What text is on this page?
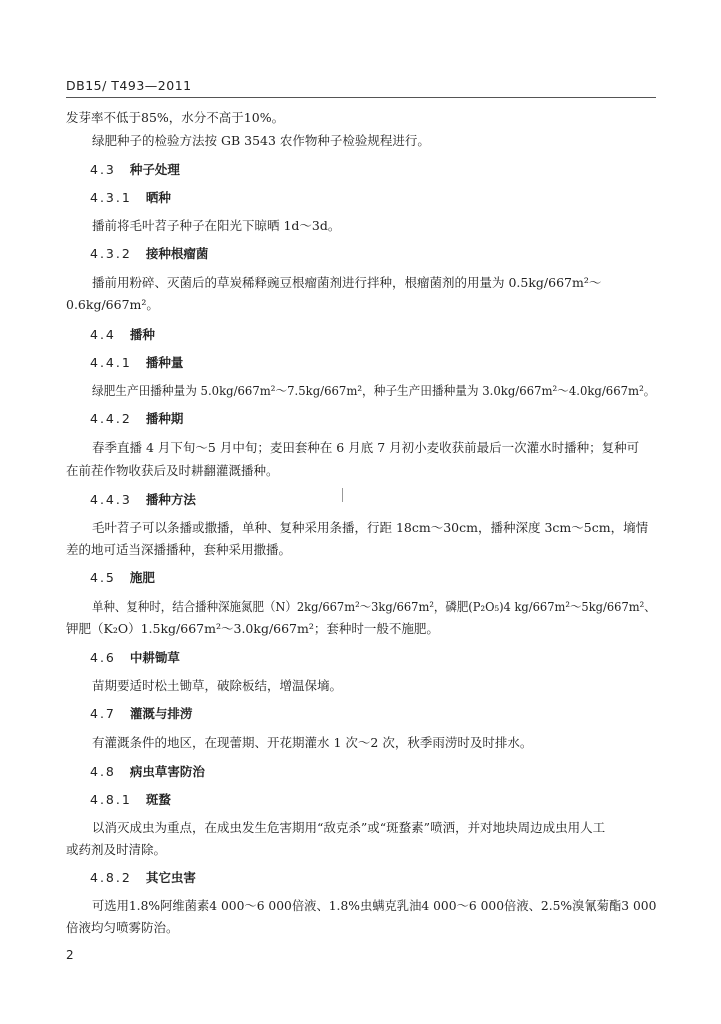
DB15/ T493—2011
发芽率不低于85%，水分不高于10%。
绿肥种子的检验方法按 GB 3543 农作物种子检验规程进行。
4.3 种子处理
4.3.1 晒种
播前将毛叶苕子种子在阳光下晾晒 1d～3d。
4.3.2 接种根瘤菌
播前用粉碎、灭菌后的草炭稀释豌豆根瘤菌剂进行拌种，根瘤菌剂的用量为 0.5kg/667m²～
0.6kg/667m²。
4.4 播种
4.4.1 播种量
绿肥生产田播种量为 5.0kg/667m²～7.5kg/667m²，种子生产田播种量为 3.0kg/667m²～4.0kg/667m²。
4.4.2 播种期
春季直播 4 月下旬～5 月中旬；麦田套种在 6 月底 7 月初小麦收获前最后一次灌水时播种；复种可
在前茬作物收获后及时耕翻灌溉播种。
4.4.3 播种方法
毛叶苕子可以条播或撒播，单种、复种采用条播，行距 18cm～30cm，播种深度 3cm～5cm，墒情
差的地可适当深播播种，套种采用撒播。
4.5 施肥
单种、复种时，结合播种深施氮肥（N）2kg/667m²～3kg/667m²，磷肥(P₂O₅)4 kg/667m²～5kg/667m²、
钾肥（K₂O）1.5kg/667m²～3.0kg/667m²；套种时一般不施肥。
4.6 中耕锄草
苗期要适时松土锄草，破除板结，增温保墒。
4.7 灌溉与排涝
有灌溉条件的地区，在现蕾期、开花期灌水 1 次～2 次，秋季雨涝时及时排水。
4.8 病虫草害防治
4.8.1 斑蝥
以消灭成虫为重点，在成虫发生危害期用“敌克杀”或“斑蝥素”喷洒，并对地块周边成虫用人工
或药剂及时清除。
4.8.2 其它虫害
可选用1.8%阿维菌素4 000～6 000倍液、1.8%虫螨克乳油4 000～6 000倍液、2.5%溴氰菊酯3 000
倍液均匀喷雾防治。
2
